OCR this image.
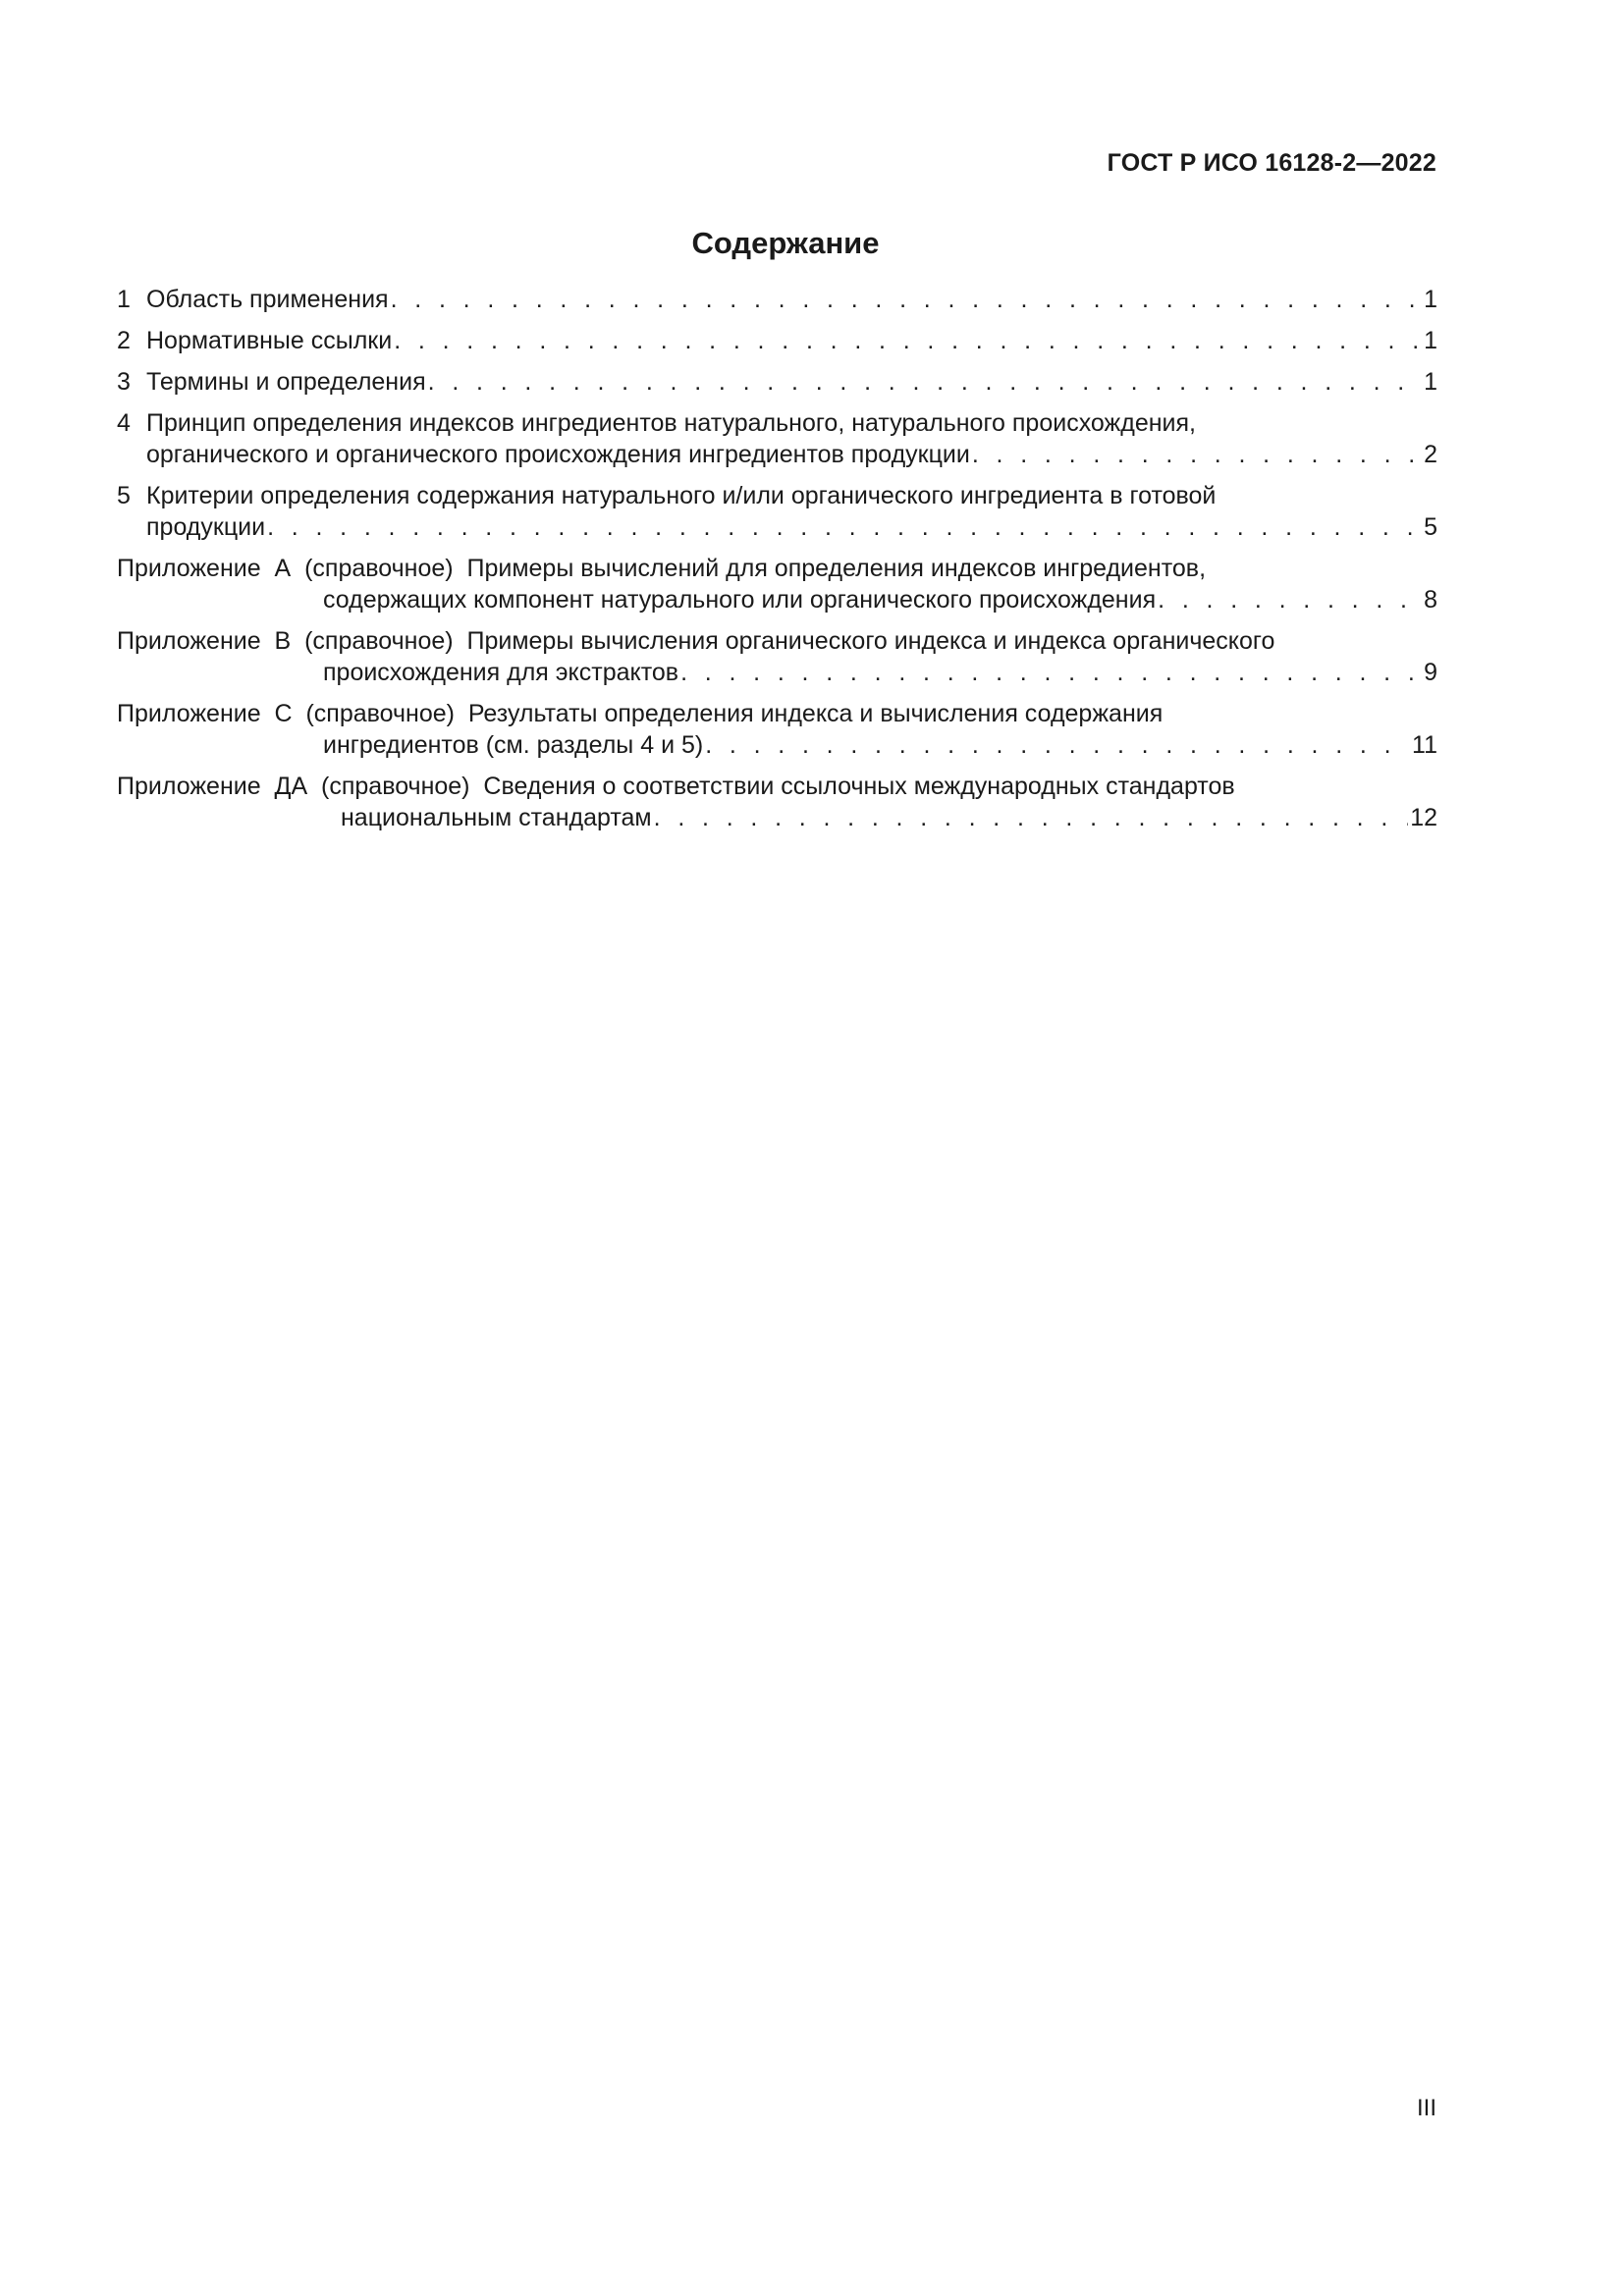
ГОСТ Р ИСО 16128-2—2022
Содержание
1 Область применения . . .	1
2 Нормативные ссылки . . .	1
3 Термины и определения . . .	1
4 Принцип определения индексов ингредиентов натурального, натурального происхождения,
органического и органического происхождения ингредиентов продукции . . .	2
5 Критерии определения содержания натурального и/или органического ингредиента в готовой
продукции . . .	5
Приложение  А  (справочное) Примеры вычислений для определения индексов ингредиентов,
содержащих компонент натурального или органического происхождения . . .	8
Приложение  В  (справочное) Примеры вычисления органического индекса и индекса органического
происхождения для экстрактов . . .	9
Приложение  С  (справочное) Результаты определения индекса и вычисления содержания
ингредиентов (см. разделы 4 и 5) . . .	11
Приложение  ДА  (справочное) Сведения о соответствии ссылочных международных стандартов
национальным стандартам . . .	12
III
